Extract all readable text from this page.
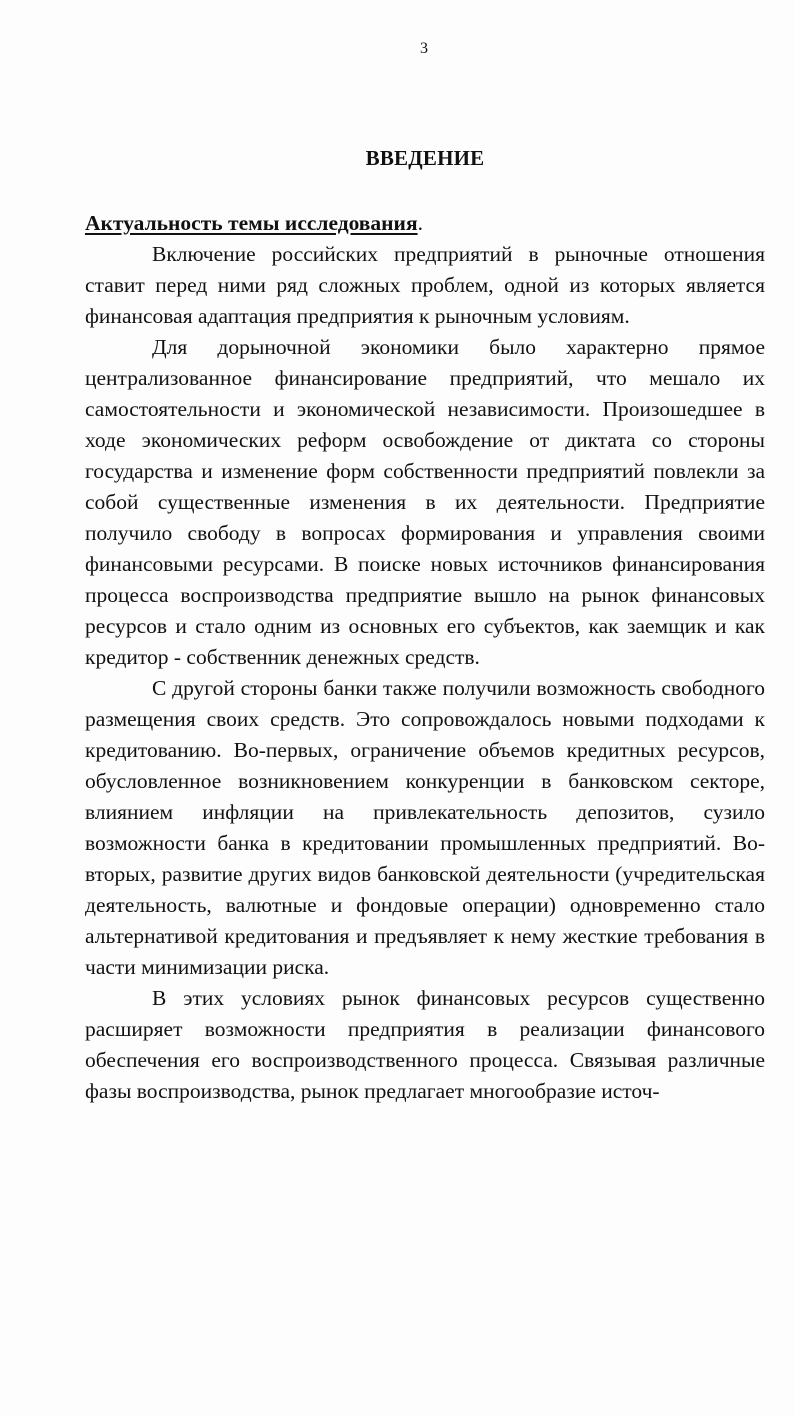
3
ВВЕДЕНИЕ

Актуальность темы исследования.

Включение российских предприятий в рыночные отношения ставит перед ними ряд сложных проблем, одной из которых является финансовая адаптация предприятия к рыночным условиям.

Для дорыночной экономики было характерно прямое централизованное финансирование предприятий, что мешало их самостоятельности и экономической независимости. Произошедшее в ходе экономических реформ освобождение от диктата со стороны государства и изменение форм собственности предприятий повлекли за собой существенные изменения в их деятельности. Предприятие получило свободу в вопросах формирования и управления своими финансовыми ресурсами. В поиске новых источников финансирования процесса воспроизводства предприятие вышло на рынок финансовых ресурсов и стало одним из основных его субъектов, как заемщик и как кредитор - собственник денежных средств.

С другой стороны банки также получили возможность свободного размещения своих средств. Это сопровождалось новыми подходами к кредитованию. Во-первых, ограничение объемов кредитных ресурсов, обусловленное возникновением конкуренции в банковском секторе, влиянием инфляции на привлекательность депозитов, сузило возможности банка в кредитовании промышленных предприятий. Во-вторых, развитие других видов банковской деятельности (учредительская деятельность, валютные и фондовые операции) одновременно стало альтернативой кредитования и предъявляет к нему жесткие требования в части минимизации риска.

В этих условиях рынок финансовых ресурсов существенно расширяет возможности предприятия в реализации финансового обеспечения его воспроизводственного процесса. Связывая различные фазы воспроизводства, рынок предлагает многообразие источ-
